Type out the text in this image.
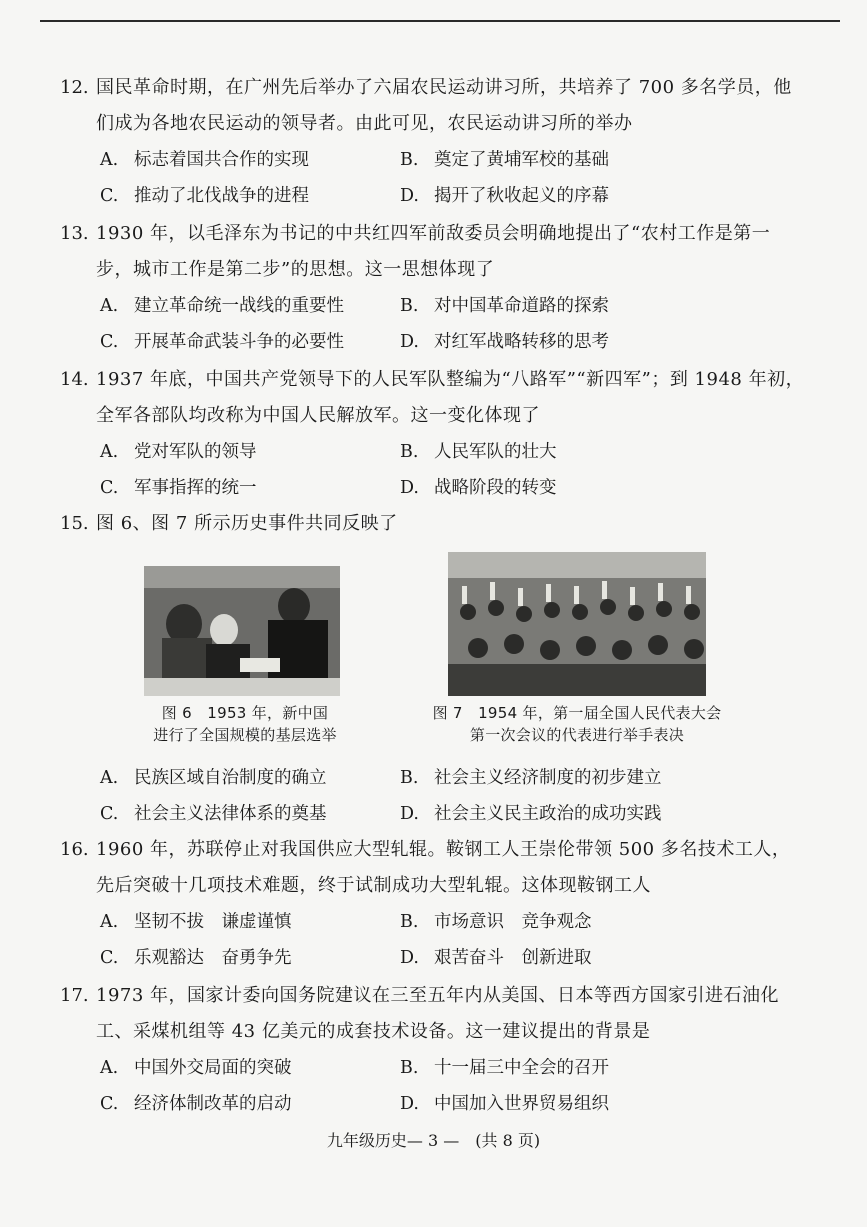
12. 国民革命时期，在广州先后举办了六届农民运动讲习所，共培养了 700 多名学员，他们成为各地农民运动的领导者。由此可见，农民运动讲习所的举办
A. 标志着国共合作的实现	B. 奠定了黄埔军校的基础
C. 推动了北伐战争的进程	D. 揭开了秋收起义的序幕
13. 1930 年，以毛泽东为书记的中共红四军前敌委员会明确地提出了“农村工作是第一步，城市工作是第二步”的思想。这一思想体现了
A. 建立革命统一战线的重要性	B. 对中国革命道路的探索
C. 开展革命武装斗争的必要性	D. 对红军战略转移的思考
14. 1937 年底，中国共产党领导下的人民军队整编为“八路军”“新四军”；到 1948 年初，全军各部队均改称为中国人民解放军。这一变化体现了
A. 党对军队的领导	B. 人民军队的壮大
C. 军事指挥的统一	D. 战略阶段的转变
15. 图 6、图 7 所示历史事件共同反映了
图 6　1953 年，新中国
进行了全国规模的基层选举
图 7　1954 年，第一届全国人民代表大会
第一次会议的代表进行举手表决
A. 民族区域自治制度的确立	B. 社会主义经济制度的初步建立
C. 社会主义法律体系的奠基	D. 社会主义民主政治的成功实践
16. 1960 年，苏联停止对我国供应大型轧辊。鞍钢工人王崇伦带领 500 多名技术工人，先后突破十几项技术难题，终于试制成功大型轧辊。这体现鞍钢工人
A. 坚韧不拔　谦虚谨慎	B. 市场意识　竞争观念
C. 乐观豁达　奋勇争先	D. 艰苦奋斗　创新进取
17. 1973 年，国家计委向国务院建议在三至五年内从美国、日本等西方国家引进石油化工、采煤机组等 43 亿美元的成套技术设备。这一建议提出的背景是
A. 中国外交局面的突破	B. 十一届三中全会的召开
C. 经济体制改革的启动	D. 中国加入世界贸易组织
九年级历史— 3 —　(共 8 页)
